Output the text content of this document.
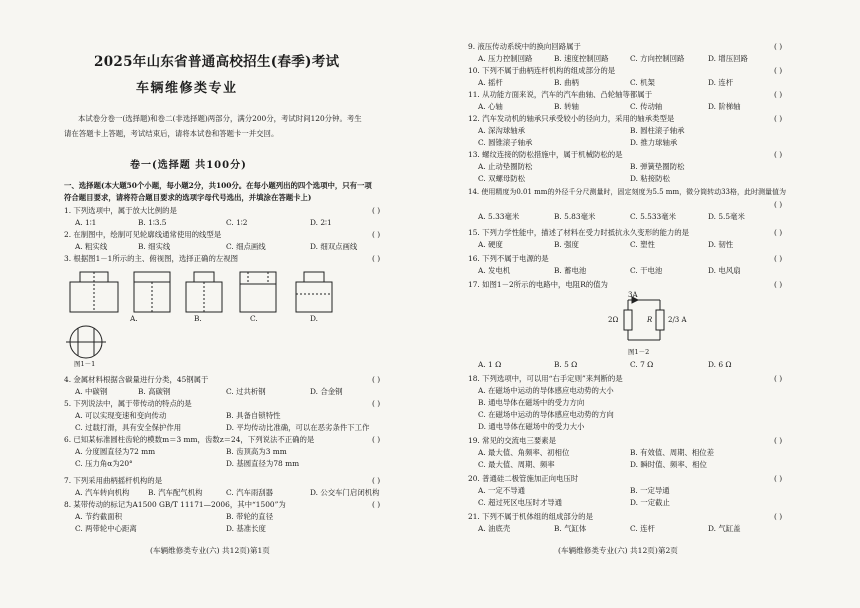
2025年山东省普通高校招生(春季)考试
车辆维修类专业
本试卷分卷一(选择题)和卷二(非选择题)两部分，满分200分，考试时间120分钟。考生
请在答题卡上答题，考试结束后，请将本试卷和答题卡一并交回。
卷一(选择题 共100分)
一、选择题(本大题50个小题，每小题2分，共100分。在每小题列出的四个选项中，只有一项
符合题目要求，请将符合题目要求的选项字母代号选出，并填涂在答题卡上)
1. 下列选项中，属于放大比例的是	( )
A. 1∶1	B. 1∶3.5	C. 1∶2	D. 2∶1
2. 在制图中，绘制可见轮廓线通常使用的线型是	( )
A. 粗实线	B. 细实线	C. 细点画线	D. 细双点画线
3. 根据图1－1所示的主、俯视图，选择正确的左视图	( )
A.	B.	C.	D.
图1－1
4. 金属材料根据含碳量进行分类，45钢属于	( )
A. 中碳钢	B. 高碳钢	C. 过共析钢	D. 合金钢
5. 下列说法中，属于带传动的特点的是	( )
A. 可以实现变速和变向传动	B. 具备自锁特性
C. 过载打滑，具有安全保护作用	D. 平均传动比准确，可以在恶劣条件下工作
6. 已知某标准圆柱齿轮的模数m＝3 mm，齿数z＝24，下列说法不正确的是	( )
A. 分度圆直径为72 mm	B. 齿顶高为3 mm
C. 压力角α为20°	D. 基圆直径为78 mm
7. 下列采用曲柄摇杆机构的是	( )
A. 汽车转向机构	B. 汽车配气机构	C. 汽车雨刮器	D. 公交车门启闭机构
8. 某带传动的标记为A1500 GB/T 11171—2006，其中“1500”为	( )
A. 节约截面积	B. 带轮的直径
C. 两带轮中心距离	D. 基准长度
(车辆维修类专业(六) 共12页)第1页
9. 液压传动系统中的换向回路属于	( )
A. 压力控制回路	B. 速度控制回路	C. 方向控制回路	D. 增压回路
10. 下列不属于曲柄连杆机构的组成部分的是	( )
A. 摇杆	B. 曲柄	C. 机架	D. 连杆
11. 从功能方面来说，汽车的汽车曲轴、凸轮轴等都属于	( )
A. 心轴	B. 转轴	C. 传动轴	D. 阶梯轴
12. 汽车发动机的轴承只承受较小的径向力，采用的轴承类型是	( )
A. 深沟球轴承	B. 圆柱滚子轴承
C. 圆锥滚子轴承	D. 推力球轴承
13. 螺纹连接的防松措施中，属于机械防松的是	( )
A. 止动垫圈防松	B. 弹簧垫圈防松
C. 双螺母防松	D. 粘接防松
14. 使用精度为0.01 mm的外径千分尺测量时，固定刻度为5.5 mm，微分筒转动33格，此时测量值为
( )
A. 5.33毫米	B. 5.83毫米	C. 5.533毫米	D. 5.5毫米
15. 下列力学性能中，描述了材料在受力时抵抗永久变形的能力的是	( )
A. 硬度	B. 强度	C. 塑性	D. 韧性
16. 下列不属于电源的是	( )
A. 发电机	B. 蓄电池	C. 干电池	D. 电风扇
17. 如图1－2所示的电路中，电阻R的值为	( )
3A
2Ω	R 2/3 A
图1－2
A. 1 Ω	B. 5 Ω	C. 7 Ω	D. 6 Ω
18. 下列选项中，可以用“右手定则”来判断的是	( )
A. 在磁场中运动的导体感应电动势的大小
B. 通电导体在磁场中的受力方向
C. 在磁场中运动的导体感应电动势的方向
D. 通电导体在磁场中的受力大小
19. 常见的交流电三要素是	( )
A. 最大值、角频率、初相位	B. 有效值、周期、相位差
C. 最大值、周期、频率	D. 瞬时值、频率、相位
20. 普通硅二极管施加正向电压时	( )
A. 一定不导通	B. 一定导通
C. 超过死区电压时才导通	D. 一定截止
21. 下列不属于机体组的组成部分的是	( )
A. 油底壳	B. 气缸体	C. 连杆	D. 气缸盖
(车辆维修类专业(六) 共12页)第2页
